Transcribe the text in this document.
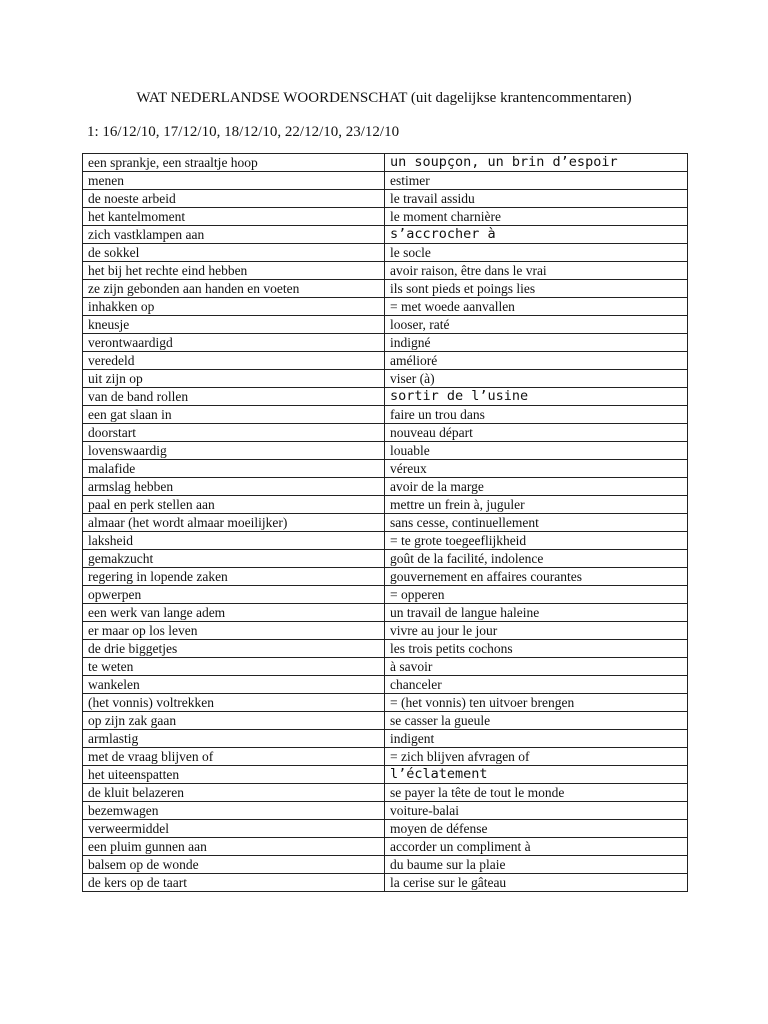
WAT NEDERLANDSE WOORDENSCHAT (uit dagelijkse krantencommentaren)
1: 16/12/10, 17/12/10, 18/12/10, 22/12/10, 23/12/10
een sprankje, een straaltje hoop	un soupçon, un brin d’espoir
menen	estimer
de noeste arbeid	le travail assidu
het kantelmoment	le moment charnière
zich vastklampen aan	s’accrocher à
de sokkel	le socle
het bij het rechte eind hebben	avoir raison, être dans le vrai
ze zijn gebonden aan handen en voeten	ils sont pieds et poings lies
inhakken op	= met woede aanvallen
kneusje	looser, raté
verontwaardigd	indigné
veredeld	amélioré
uit zijn op	viser (à)
van de band rollen	sortir de l’usine
een gat slaan in	faire un trou dans
doorstart	nouveau départ
lovenswaardig	louable
malafide	véreux
armslag hebben	avoir de la marge
paal en perk stellen aan	mettre un frein à, juguler
almaar (het wordt almaar moeilijker)	sans cesse, continuellement
laksheid	= te grote toegeeflijkheid
gemakzucht	goût de la facilité, indolence
regering in lopende zaken	gouvernement en affaires courantes
opwerpen	= opperen
een werk van lange adem	un travail de langue haleine
er maar op los leven	vivre au jour le jour
de drie biggetjes	les trois petits cochons
te weten	à savoir
wankelen	chanceler
(het vonnis) voltrekken	= (het vonnis) ten uitvoer brengen
op zijn zak gaan	se casser la gueule
armlastig	indigent
met de vraag blijven of	= zich blijven afvragen of
het uiteenspatten	l’éclatement
de kluit belazeren	se payer la tête de tout le monde
bezemwagen	voiture-balai
verweermiddel	moyen de défense
een pluim gunnen aan	accorder un compliment à
balsem op de wonde	du baume sur la plaie
de kers op de taart	la cerise sur le gâteau
